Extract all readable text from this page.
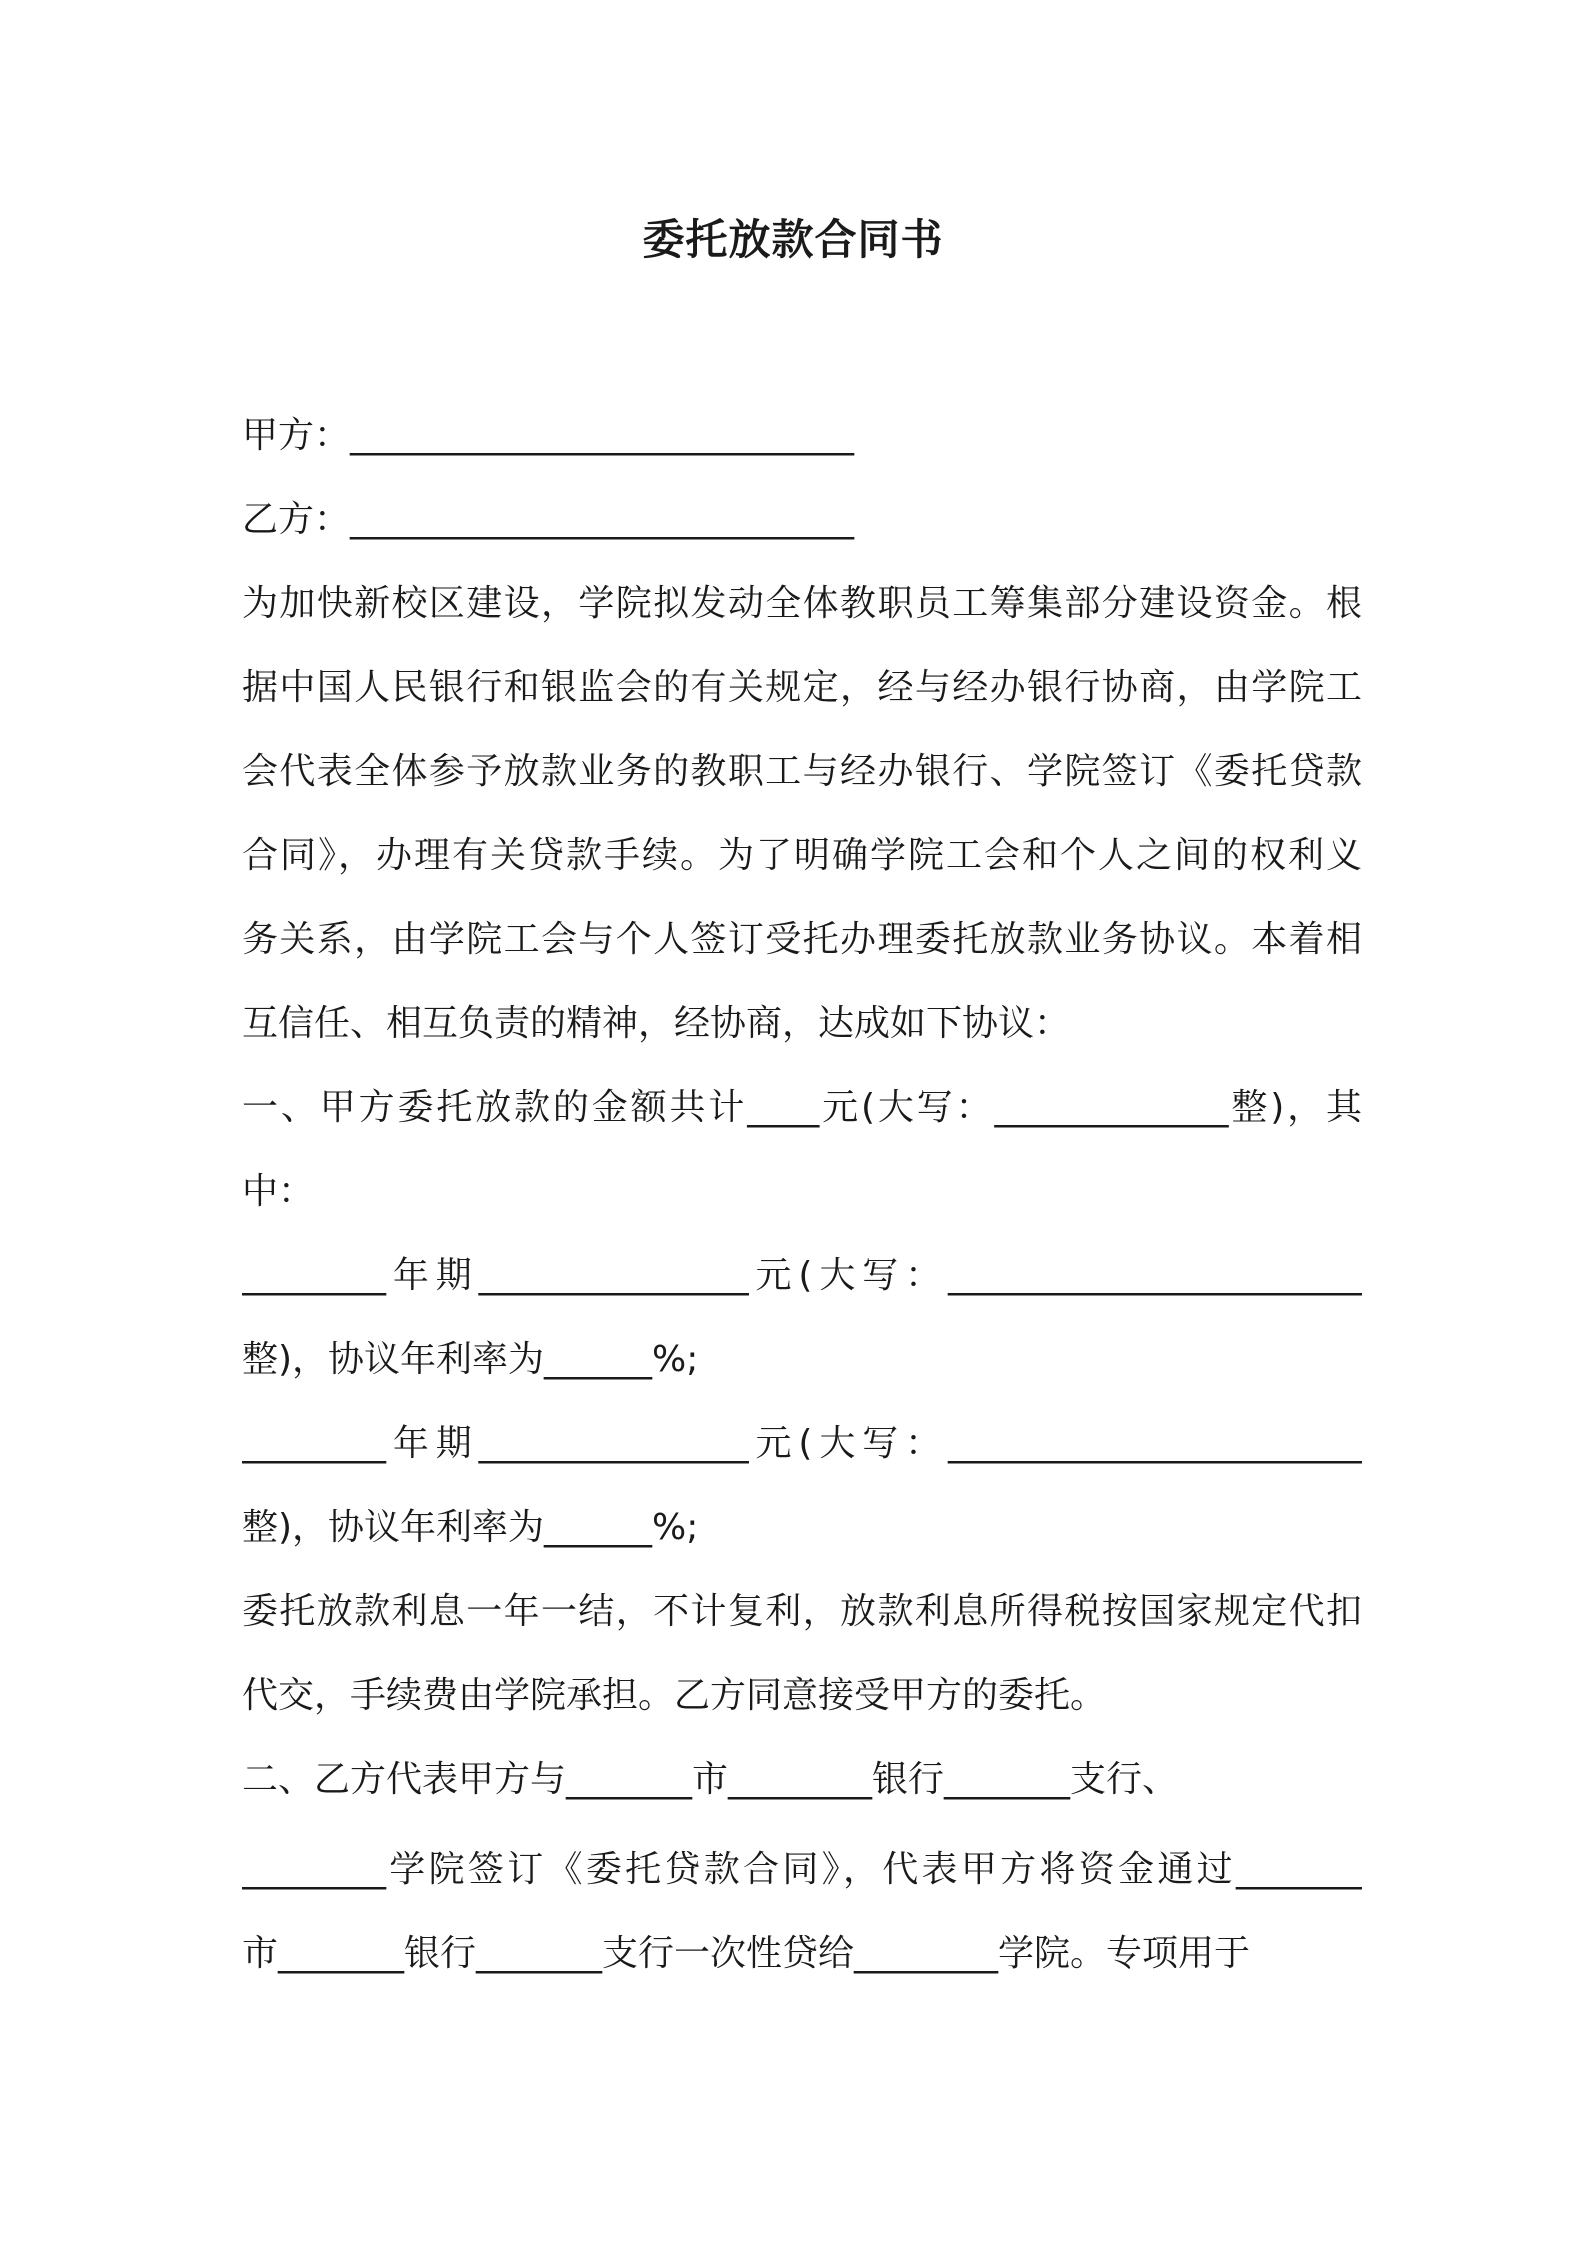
委托放款合同书
甲方：____________________________
乙方：____________________________
为加快新校区建设，学院拟发动全体教职员工筹集部分建设资金。根
据中国人民银行和银监会的有关规定，经与经办银行协商，由学院工
会代表全体参予放款业务的教职工与经办银行、学院签订《委托贷款
合同》，办理有关贷款手续。为了明确学院工会和个人之间的权利义
务关系，由学院工会与个人签订受托办理委托放款业务协议。本着相
互信任、相互负责的精神，经协商，达成如下协议：
一、甲方委托放款的金额共计____元(大写：_____________整)，其
中：
________年期_______________元(大写：_______________________
整)，协议年利率为______%;
________年期_______________元(大写：_______________________
整)，协议年利率为______%;
委托放款利息一年一结，不计复利，放款利息所得税按国家规定代扣
代交，手续费由学院承担。乙方同意接受甲方的委托。
二、乙方代表甲方与_______市________银行_______支行、
________学院签订《委托贷款合同》，代表甲方将资金通过_______
市_______银行_______支行一次性贷给________学院。专项用于
